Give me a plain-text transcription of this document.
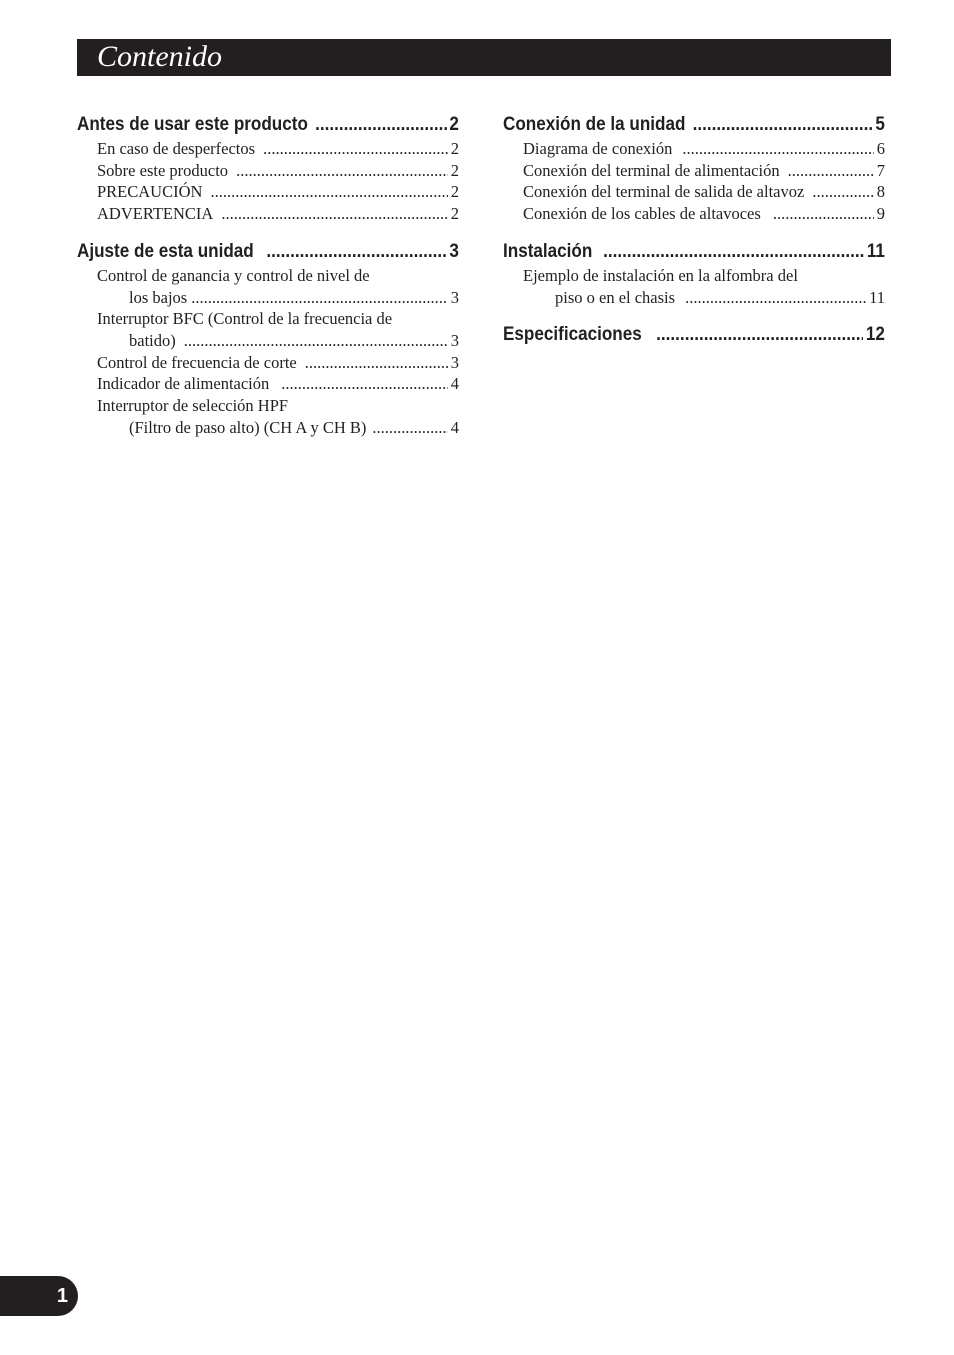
Contenido
Antes de usar este producto .....	2
En caso de desperfectos .....	2
Sobre este producto .....	2
PRECAUCIÓN .....	2
ADVERTENCIA .....	2
Ajuste de esta unidad .....	3
Control de ganancia y control de nivel de
los bajos .....	3
Interruptor BFC (Control de la frecuencia de
batido) .....	3
Control de frecuencia de corte .....	3
Indicador de alimentación .....	4
Interruptor de selección HPF
(Filtro de paso alto) (CH A y CH B) .....	4
Conexión de la unidad .....	5
Diagrama de conexión .....	6
Conexión del terminal de alimentación .....	7
Conexión del terminal de salida de altavoz .....	8
Conexión de los cables de altavoces .....	9
Instalación .....	11
Ejemplo de instalación en la alfombra del
piso o en el chasis .....	11
Especificaciones .....	12
1
